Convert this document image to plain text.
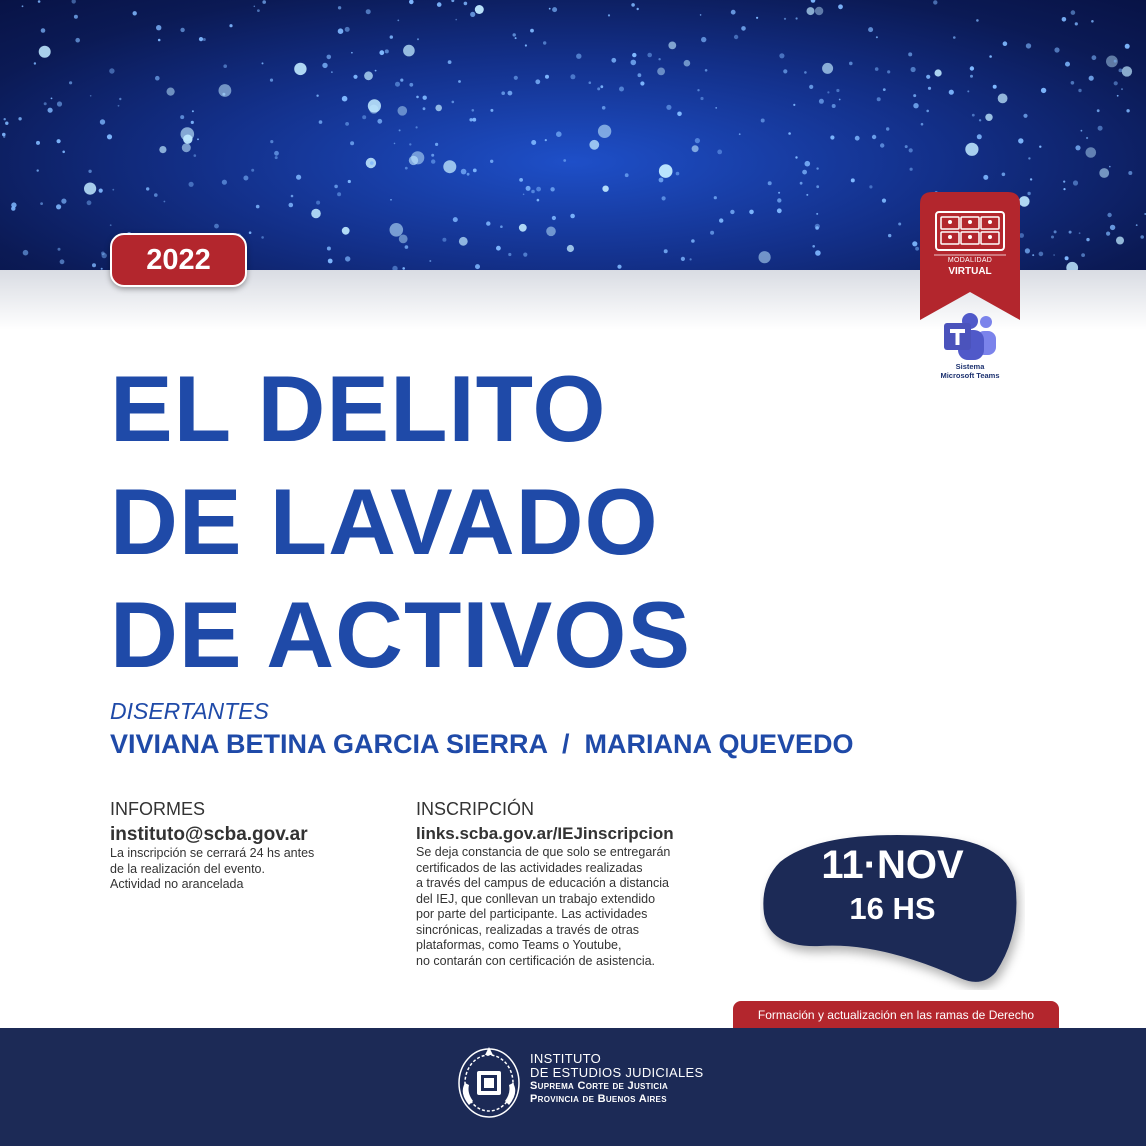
2022	MODALIDAD
VIRTUAL
Sistema
Microsoft Teams
EL DELITO
DE LAVADO
DE ACTIVOS
DISERTANTES
VIVIANA BETINA GARCIA SIERRA  /  MARIANA QUEVEDO
INFORMES
instituto@scba.gov.ar
La inscripción se cerrará 24 hs antes
de la realización del evento.
Actividad no arancelada
INSCRIPCIÓN
links.scba.gov.ar/IEJinscripcion
Se deja constancia de que solo se entregarán
certificados de las actividades realizadas
a través del campus de educación a distancia
del IEJ, que conllevan un trabajo extendido
por parte del participante. Las actividades
sincrónicas, realizadas a través de otras
plataformas, como Teams o Youtube,
no contarán con certificación de asistencia.
11·NOV
16 HS
Formación y actualización en las ramas de Derecho
INSTITUTO
DE ESTUDIOS JUDICIALES
Suprema Corte de Justicia
Provincia de Buenos Aires
